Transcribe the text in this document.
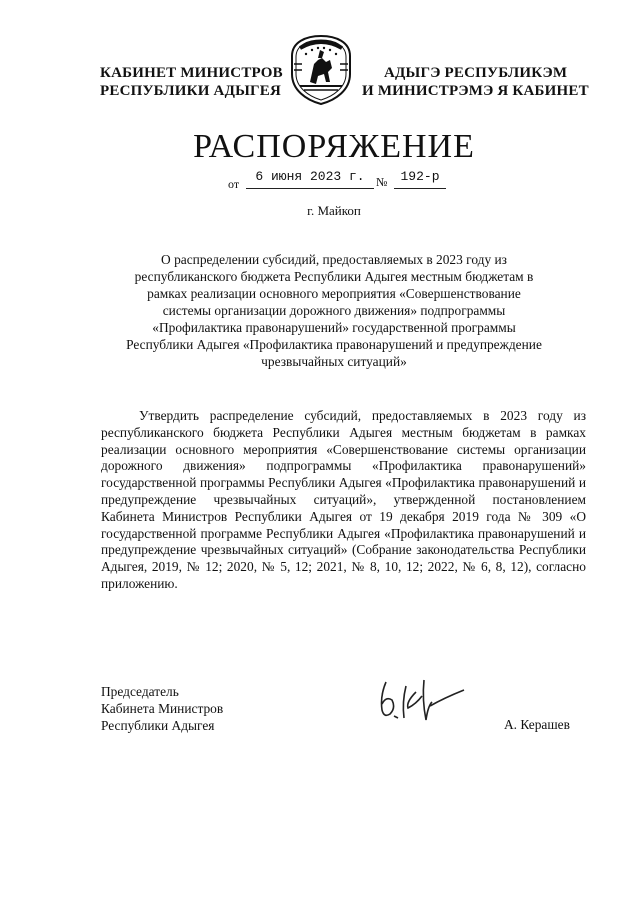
КАБИНЕТ МИНИСТРОВ
РЕСПУБЛИКИ АДЫГЕЯ
АДЫГЭ РЕСПУБЛИКЭМ
И МИНИСТРЭМЭ Я КАБИНЕТ
РАСПОРЯЖЕНИЕ
от	6 июня 2023 г. №	192-р
г. Майкоп
О распределении субсидий, предоставляемых в 2023 году из
республиканского бюджета Республики Адыгея местным бюджетам в
рамках реализации основного мероприятия «Совершенствование
системы организации дорожного движения» подпрограммы
«Профилактика правонарушений» государственной программы
Республики Адыгея «Профилактика правонарушений и предупреждение
чрезвычайных ситуаций»
Утвердить распределение субсидий, предоставляемых в 2023 году из республиканского бюджета Республики Адыгея местным бюджетам в рамках реализации основного мероприятия «Совершенствование системы организации дорожного движения» подпрограммы «Профилактика правонарушений» государственной программы Республики Адыгея «Профилактика правонарушений и предупреждение чрезвычайных ситуаций», утвержденной постановлением Кабинета Министров Республики Адыгея от 19 декабря 2019 года № 309 «О государственной программе Республики Адыгея «Профилактика правонарушений и предупреждение чрезвычайных ситуаций» (Собрание законодательства Республики Адыгея, 2019, № 12; 2020, № 5, 12; 2021, № 8, 10, 12; 2022, № 6, 8, 12), согласно приложению.
Председатель
Кабинета Министров
Республики Адыгея	А. Керашев
